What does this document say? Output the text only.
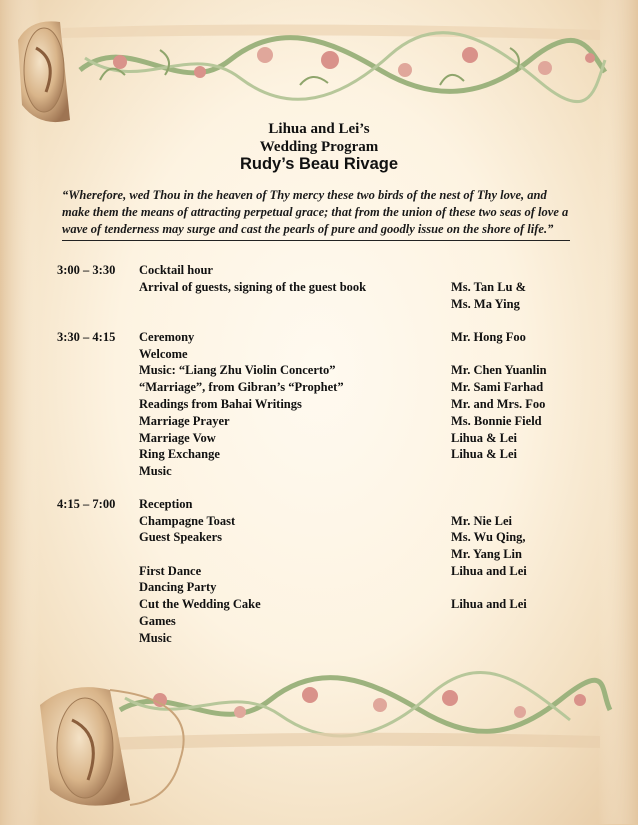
Lihua and Lei’s
Wedding Program
Rudy’s Beau Rivage
“Wherefore, wed Thou in the heaven of Thy mercy these two birds of the nest of Thy love, and make them the means of attracting perpetual grace; that from the union of these two seas of love a wave of tenderness may surge and cast the pearls of pure and goodly issue on the shore of life.”
3:00 – 3:30 Cocktail hour
Arrival of guests, signing of the guest book	Ms. Tan Lu &
Ms. Ma Ying
3:30 – 4:15 Ceremony	Mr. Hong Foo
Welcome
Music: “Liang Zhu Violin Concerto”	Mr. Chen Yuanlin
“Marriage”, from Gibran’s “Prophet”	Mr. Sami Farhad
Readings from Bahai Writings	Mr. and Mrs. Foo
Marriage Prayer	Ms. Bonnie Field
Marriage Vow	Lihua & Lei
Ring Exchange	Lihua & Lei
Music
4:15 – 7:00 Reception
Champagne Toast	Mr. Nie Lei
Guest Speakers	Ms. Wu Qing,
Mr. Yang Lin
First Dance	Lihua and Lei
Dancing Party
Cut the Wedding Cake	Lihua and Lei
Games
Music
